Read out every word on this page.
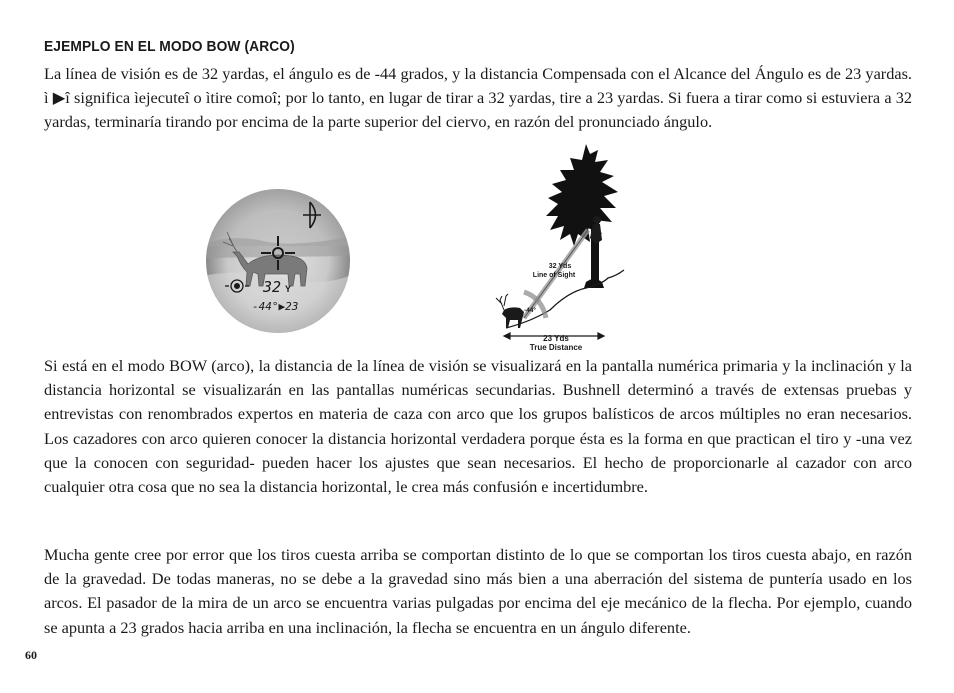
EJEMPLO EN EL MODO BOW (ARCO)

La línea de visión es de 32 yardas, el ángulo es de -44 grados, y la distancia Compensada con el Alcance del Ángulo es de 23 yardas. ì ▶î significa ìejecuteî o ìtire comoî; por lo tanto, en lugar de tirar a 32 yardas, tire a 23 yardas. Si fuera a tirar como si estuviera a 32 yardas, terminaría tirando por encima de la parte superior del ciervo, en razón del pronunciado ángulo.

32 Y
-44°▶23
32 Yds
Line of Sight
-44°
23 Yds
True Distance

Si está en el modo BOW (arco), la distancia de la línea de visión se visualizará en la pantalla numérica primaria y la inclinación y la distancia horizontal se visualizarán en las pantallas numéricas secundarias. Bushnell determinó a través de extensas pruebas y entrevistas con renombrados expertos en materia de caza con arco que los grupos balísticos de arcos múltiples no eran necesarios. Los cazadores con arco quieren conocer la distancia horizontal verdadera porque ésta es la forma en que practican el tiro y -una vez que la conocen con seguridad- pueden hacer los ajustes que sean necesarios. El hecho de proporcionarle al cazador con arco cualquier otra cosa que no sea la distancia horizontal, le crea más confusión e incertidumbre.

Mucha gente cree por error que los tiros cuesta arriba se comportan distinto de lo que se comportan los tiros cuesta abajo, en razón de la gravedad. De todas maneras, no se debe a la gravedad sino más bien a una aberración del sistema de puntería usado en los arcos. El pasador de la mira de un arco se encuentra varias pulgadas por encima del eje mecánico de la flecha. Por ejemplo, cuando se apunta a 23 grados hacia arriba en una inclinación, la flecha se encuentra en un ángulo diferente.

60
